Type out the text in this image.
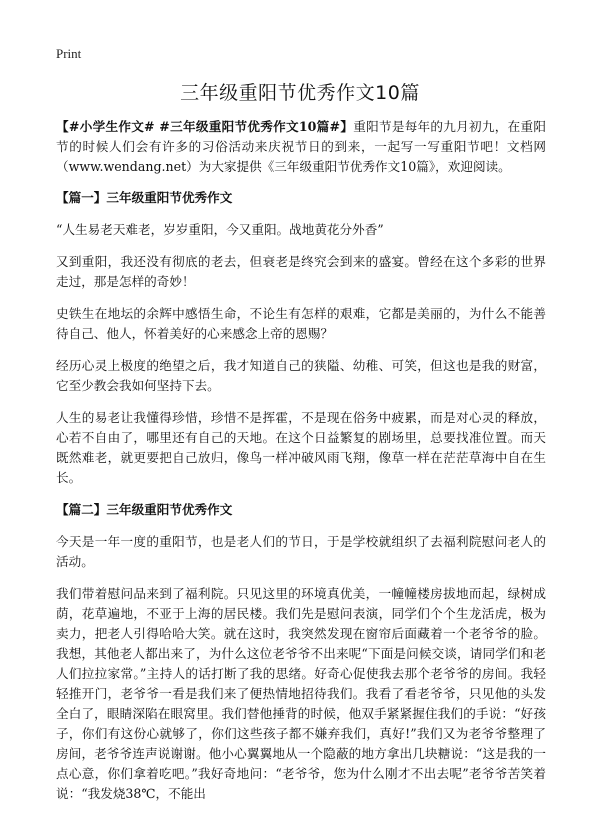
Print
三年级重阳节优秀作文10篇

【#小学生作文# #三年级重阳节优秀作文10篇#】重阳节是每年的九月初九，在重阳节的时候人们会有许多的习俗活动来庆祝节日的到来，一起写一写重阳节吧！文档网（www.wendang.net）为大家提供《三年级重阳节优秀作文10篇》，欢迎阅读。

【篇一】三年级重阳节优秀作文

“人生易老天难老，岁岁重阳，今又重阳。战地黄花分外香”

又到重阳，我还没有彻底的老去，但衰老是终究会到来的盛宴。曾经在这个多彩的世界走过，那是怎样的奇妙！

史铁生在地坛的余辉中感悟生命，不论生有怎样的艰难，它都是美丽的，为什么不能善待自己、他人，怀着美好的心来感念上帝的恩赐？

经历心灵上极度的绝望之后，我才知道自己的狭隘、幼稚、可笑，但这也是我的财富，它至少教会我如何坚持下去。

人生的易老让我懂得珍惜，珍惜不是挥霍，不是现在俗务中疲累，而是对心灵的释放，心若不自由了，哪里还有自己的天地。在这个日益繁复的剧场里，总要找准位置。而天既然难老，就更要把自己放归，像鸟一样冲破风雨飞翔，像草一样在茫茫草海中自在生长。

【篇二】三年级重阳节优秀作文

今天是一年一度的重阳节，也是老人们的节日，于是学校就组织了去福利院慰问老人的活动。

我们带着慰问品来到了福利院。只见这里的环境真优美，一幢幢楼房拔地而起，绿树成荫，花草遍地，不亚于上海的居民楼。我们先是慰问表演，同学们个个生龙活虎，极为卖力，把老人引得哈哈大笑。就在这时，我突然发现在窗帘后面藏着一个老爷爷的脸。我想，其他老人都出来了，为什么这位老爷爷不出来呢“下面是问候交谈，请同学们和老人们拉拉家常。”主持人的话打断了我的思绪。好奇心促使我去那个老爷爷的房间。我轻轻推开门，老爷爷一看是我们来了便热情地招待我们。我看了看老爷爷，只见他的头发全白了，眼睛深陷在眼窝里。我们替他捶背的时候，他双手紧紧握住我们的手说：“好孩子，你们有这份心就够了，你们这些孩子都不嫌弃我们，真好!”我们又为老爷爷整理了房间，老爷爷连声说谢谢。他小心翼翼地从一个隐蔽的地方拿出几块糖说：“这是我的一点心意，你们拿着吃吧。”我好奇地问：“老爷爷，您为什么刚才不出去呢”老爷爷苦笑着说：“我发烧38℃，不能出
